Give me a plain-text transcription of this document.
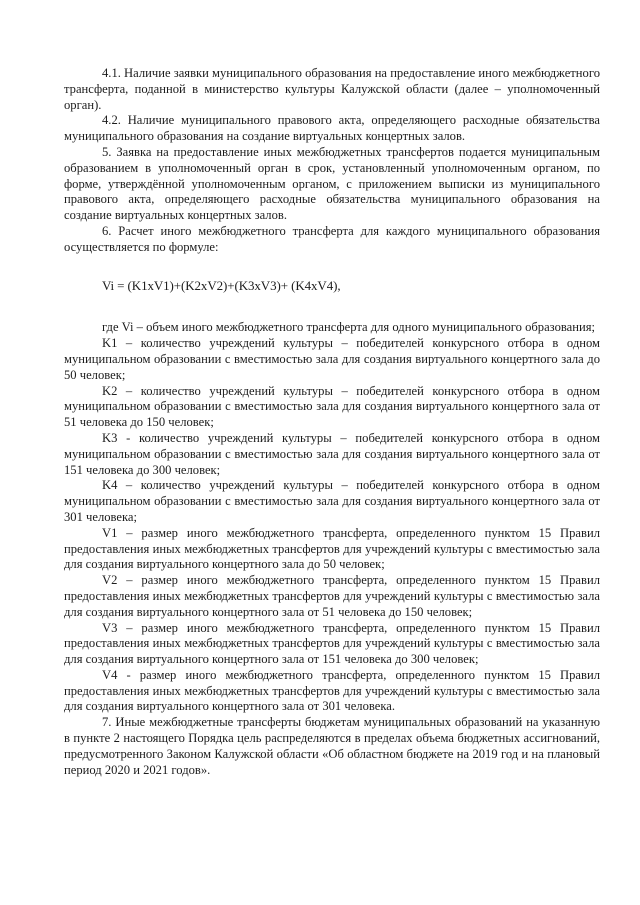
4.1. Наличие заявки муниципального образования на предоставление иного межбюджетного трансферта, поданной в министерство культуры Калужской области (далее – уполномоченный орган).

4.2. Наличие муниципального правового акта, определяющего расходные обязательства муниципального образования на создание виртуальных концертных залов.

5. Заявка на предоставление иных межбюджетных трансфертов подается муниципальным образованием в уполномоченный орган в срок, установленный уполномоченным органом, по форме, утверждённой уполномоченным органом, с приложением выписки из муниципального правового акта, определяющего расходные обязательства муниципального образования на создание виртуальных концертных залов.

6. Расчет иного межбюджетного трансферта для каждого муниципального образования осуществляется по формуле:

Vi = (K1xV1)+(K2xV2)+(K3xV3)+ (K4xV4),

где Vi – объем иного межбюджетного трансферта для одного муниципального образования;

K1 – количество учреждений культуры – победителей конкурсного отбора в одном муниципальном образовании с вместимостью зала для создания виртуального концертного зала до 50 человек;

K2 – количество учреждений культуры – победителей конкурсного отбора в одном муниципальном образовании с вместимостью зала для создания виртуального концертного зала от 51 человека до 150 человек;

K3 - количество учреждений культуры – победителей конкурсного отбора в одном муниципальном образовании с вместимостью зала для создания виртуального концертного зала от 151 человека до 300 человек;

K4 – количество учреждений культуры – победителей конкурсного отбора в одном муниципальном образовании с вместимостью зала для создания виртуального концертного зала от 301 человека;

V1 – размер иного межбюджетного трансферта, определенного пунктом 15 Правил предоставления иных межбюджетных трансфертов для учреждений культуры с вместимостью зала для создания виртуального концертного зала до 50 человек;

V2 – размер иного межбюджетного трансферта, определенного пунктом 15 Правил предоставления иных межбюджетных трансфертов для учреждений культуры с вместимостью зала для создания виртуального концертного зала от 51 человека до 150 человек;

V3 – размер иного межбюджетного трансферта, определенного пунктом 15 Правил предоставления иных межбюджетных трансфертов для учреждений культуры с вместимостью зала для создания виртуального концертного зала от 151 человека до 300 человек;

V4 - размер иного межбюджетного трансферта, определенного пунктом 15 Правил предоставления иных межбюджетных трансфертов для учреждений культуры с вместимостью зала для создания виртуального концертного зала от 301 человека.

7. Иные межбюджетные трансферты бюджетам муниципальных образований на указанную в пункте 2 настоящего Порядка цель распределяются в пределах объема бюджетных ассигнований, предусмотренного Законом Калужской области «Об областном бюджете на 2019 год и на плановый период 2020 и 2021 годов».
